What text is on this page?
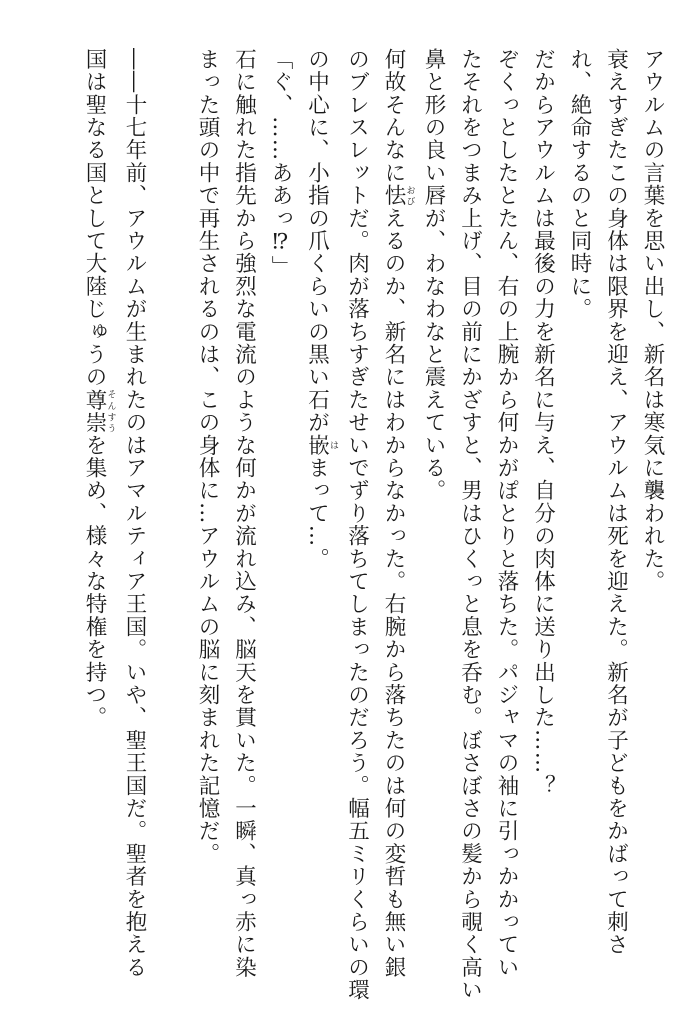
アウルムの言葉を思い出し、新名は寒気に襲われた。
衰えすぎたこの身体は限界を迎え、アウルムは死を迎えた。新名が子どもをかばって刺さ
れ、絶命するのと同時に。
だからアウルムは最後の力を新名に与え、自分の肉体に送り出した……？
ぞくっとしたとたん、右の上腕から何かがぽとりと落ちた。パジャマの袖に引っかかってい
たそれをつまみ上げ、目の前にかざすと、男はひくっと息を呑む。ぼさぼさの髪から覗く高い
鼻と形の良い唇が、わなわなと震えている。
何故そんなに怯おびえるのか、新名にはわからなかった。右腕から落ちたのは何の変哲も無い銀
のブレスレットだ。肉が落ちすぎたせいでずり落ちてしまったのだろう。幅五ミリくらいの環
の中心に、小指の爪くらいの黒い石が嵌はまって…。
「ぐ、……ああっ⁉」
石に触れた指先から強烈な電流のような何かが流れ込み、脳天を貫いた。一瞬、真っ赤に染
まった頭の中で再生されるのは、この身体に…アウルムの脳に刻まれた記憶だ。
――十七年前、アウルムが生まれたのはアマルティア王国。いや、聖王国だ。聖者を抱える
国は聖なる国として大陸じゅうの尊崇そんすうを集め、様々な特権を持つ。
